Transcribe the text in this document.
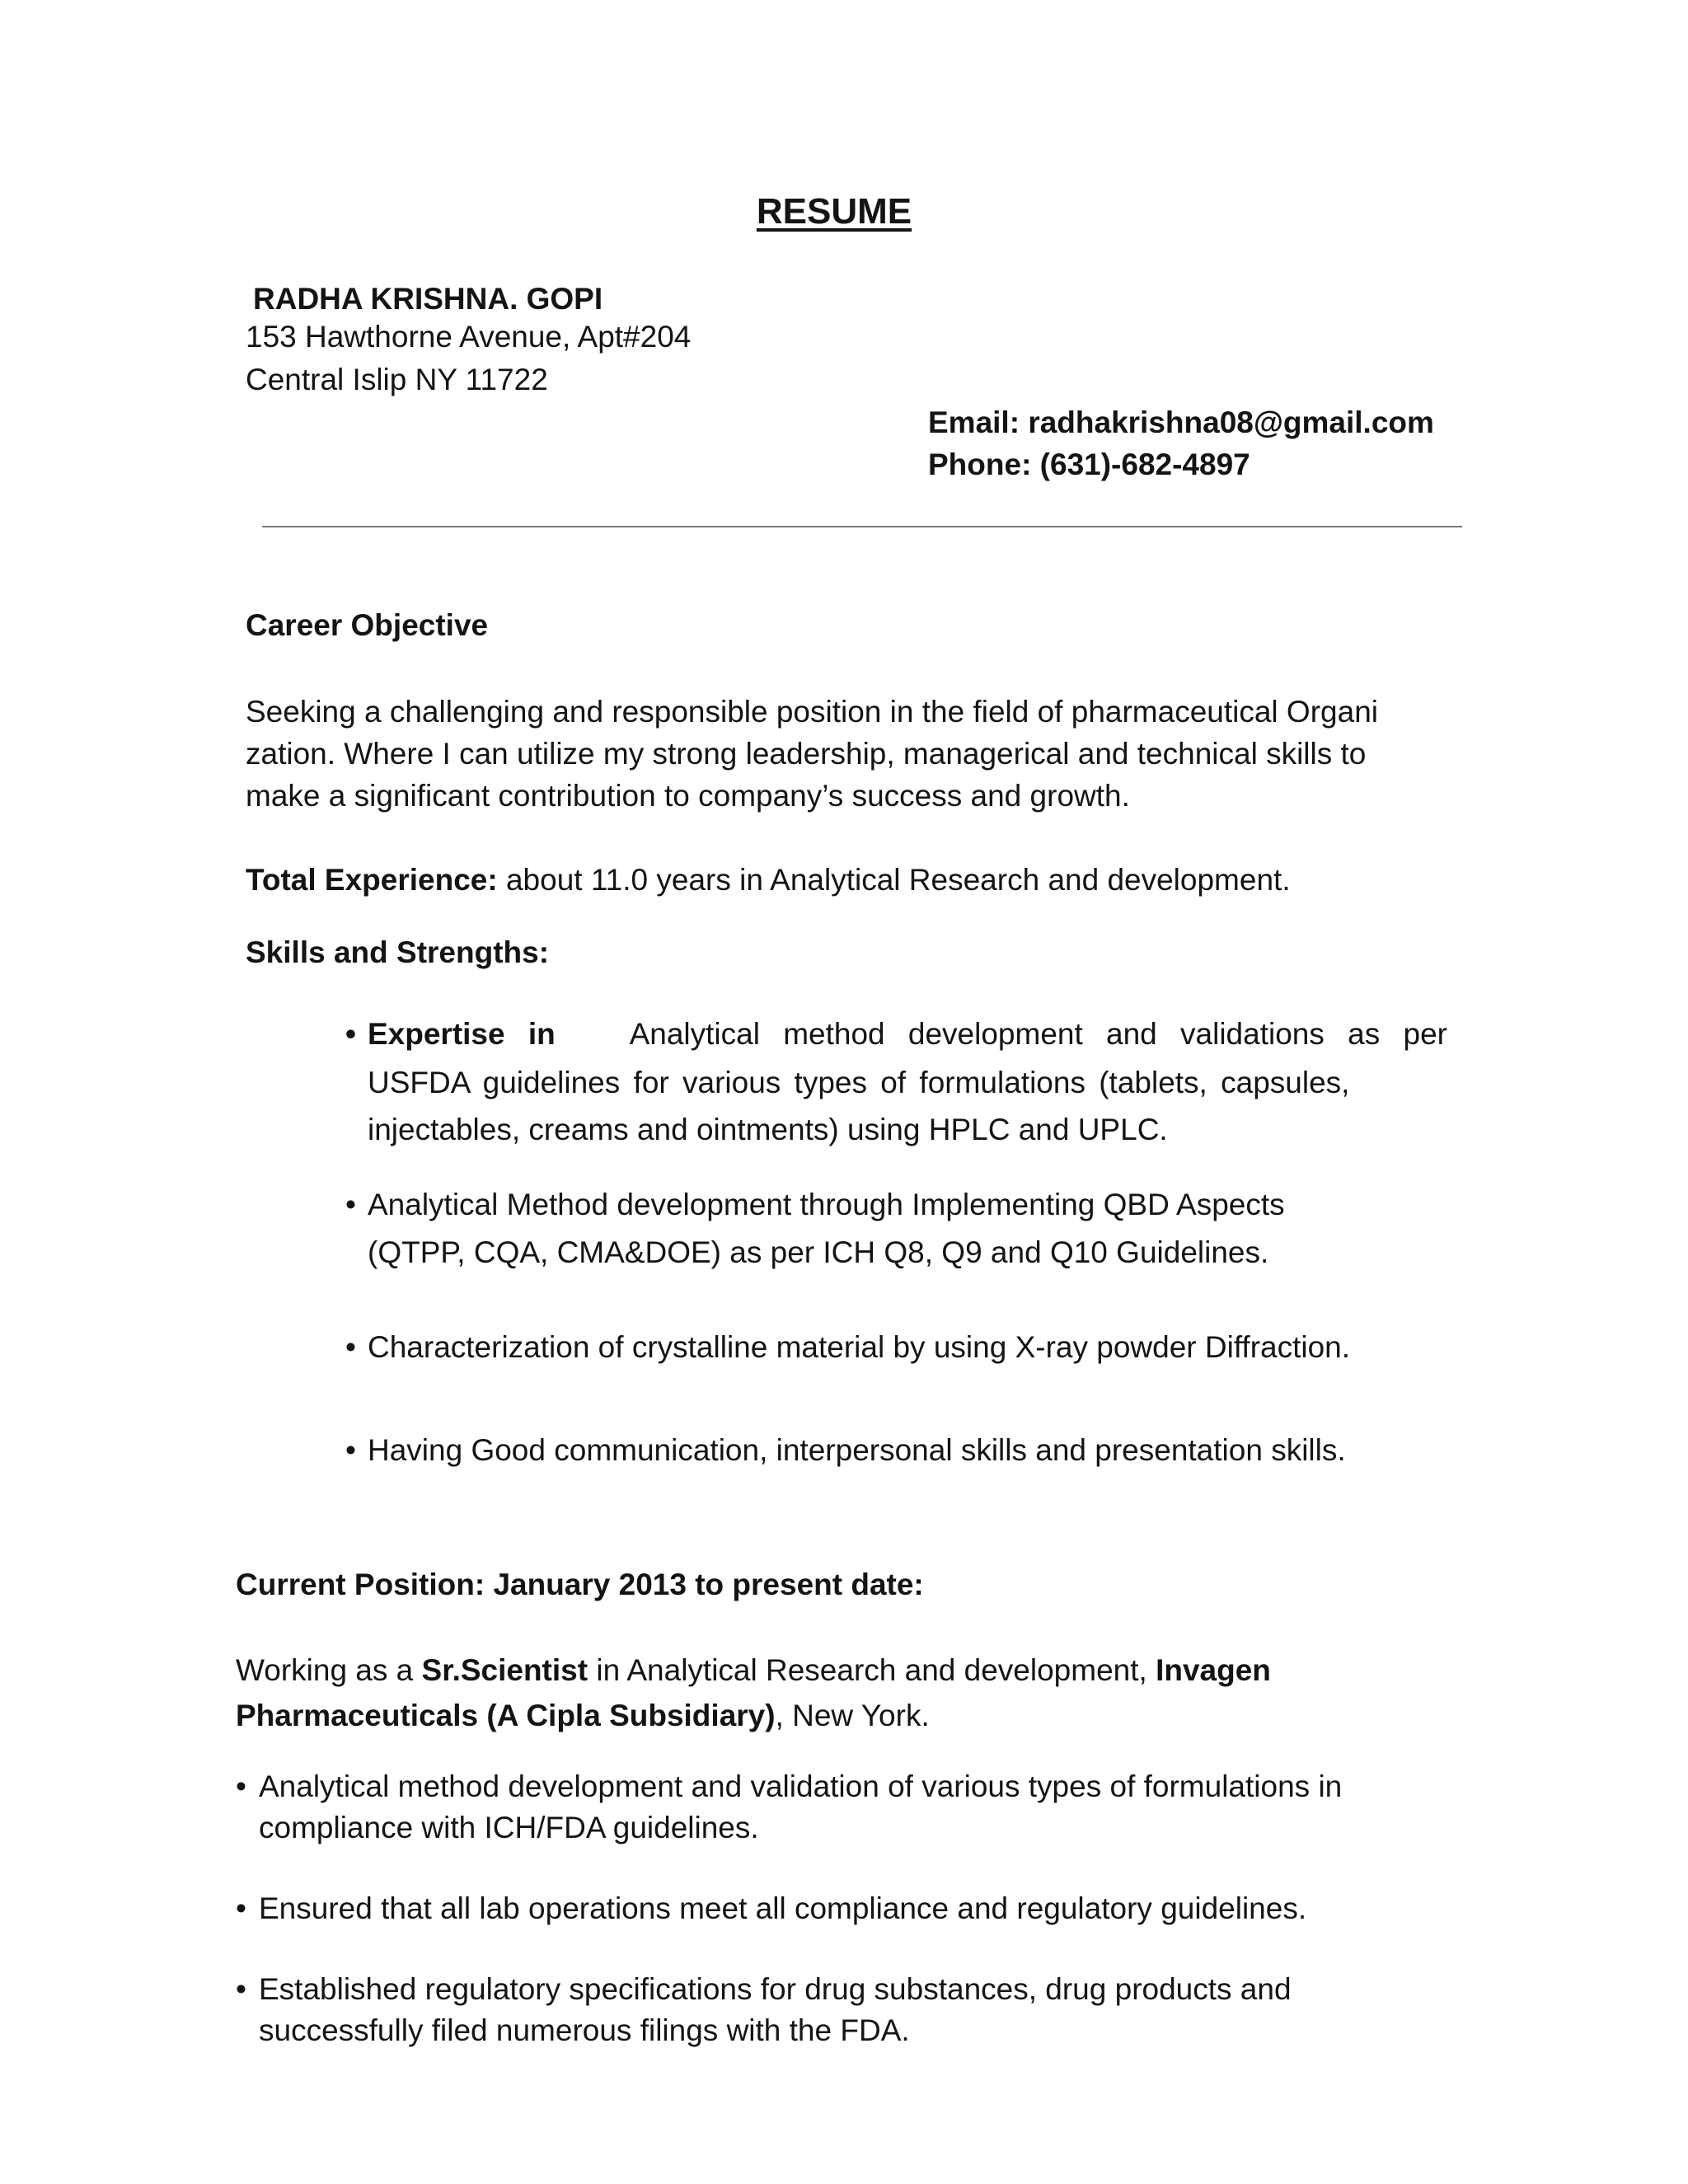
RESUME

RADHA KRISHNA. GOPI

153 Hawthorne Avenue, Apt#204

Central Islip NY 11722

Email: radhakrishna08@gmail.com

Phone: (631)-682-4897

Career Objective

Seeking a challenging and responsible position in the field of pharmaceutical Organi

zation. Where I can utilize my strong leadership, managerical and technical skills to

make a significant contribution to company’s success and growth.

Total Experience: about 11.0 years in Analytical Research and development.

Skills and Strengths:

• Expertise in Analytical method development and validations as per

USFDA guidelines for various types of formulations (tablets, capsules,

injectables, creams and ointments) using HPLC and UPLC.

• Analytical Method development through Implementing QBD Aspects

(QTPP, CQA, CMA&DOE) as per ICH Q8, Q9 and Q10 Guidelines.

• Characterization of crystalline material by using X-ray powder Diffraction.

• Having Good communication, interpersonal skills and presentation skills.

Current Position: January 2013 to present date:

Working as a Sr.Scientist in Analytical Research and development, Invagen

Pharmaceuticals (A Cipla Subsidiary), New York.

• Analytical method development and validation of various types of formulations in

compliance with ICH/FDA guidelines.

• Ensured that all lab operations meet all compliance and regulatory guidelines.

• Established regulatory specifications for drug substances, drug products and

successfully filed numerous filings with the FDA.
